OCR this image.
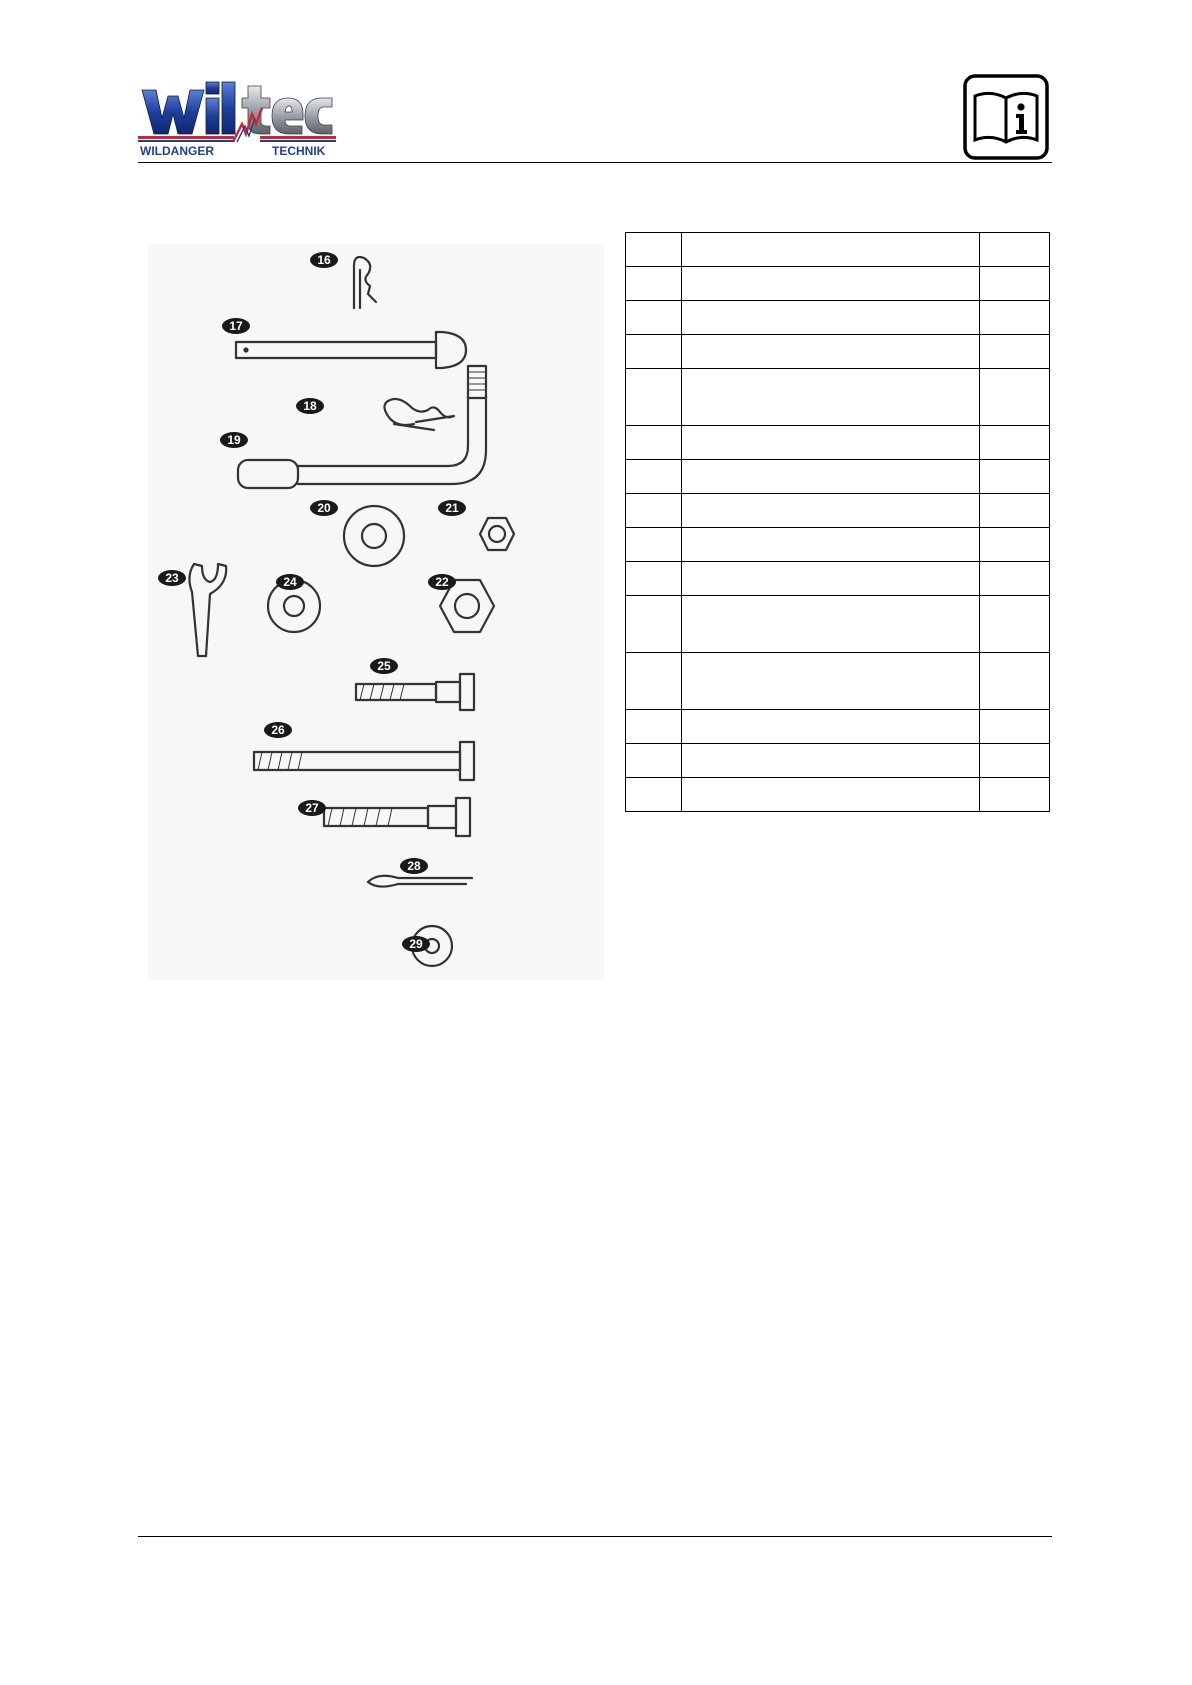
WILDANGER	TECHNIK
16
17
18
19
20	21
22
23	24
25
26
27
28
29
